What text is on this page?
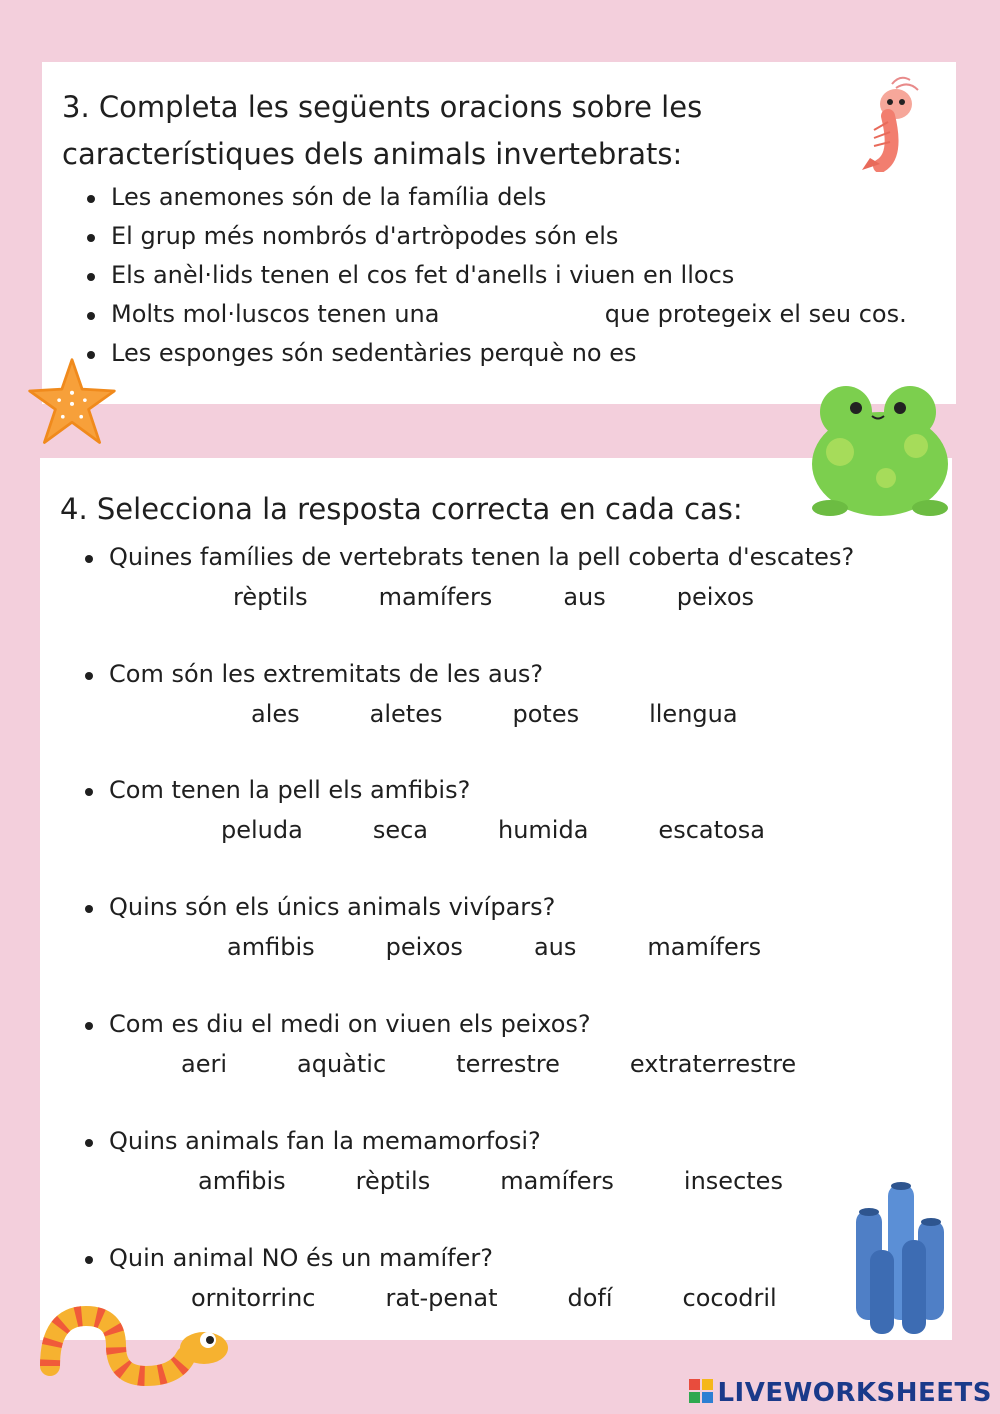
3. Completa les següents oracions sobre les característiques dels animals invertebrats:
Les anemones són de la família dels
El grup més nombrós d'artròpodes són els
Els anèl·lids tenen el cos fet d'anells i viuen en llocs
Molts mol·luscos tenen una	que protegeix el seu cos.
Les esponges són sedentàries perquè no es
4. Selecciona la resposta correcta en cada cas:
Quines famílies de vertebrats tenen la pell coberta d'escates?
rèptils	mamífers	aus	peixos
Com són les extremitats de les aus?
ales	aletes	potes	llengua
Com tenen la pell els amfibis?
peluda	seca	humida	escatosa
Quins són els únics animals vivípars?
amfibis	peixos	aus	mamífers
Com es diu el medi on viuen els peixos?
aeri	aquàtic	terrestre	extraterrestre
Quins animals fan la memamorfosi?
amfibis	rèptils	mamífers	insectes
Quin animal NO és un mamífer?
ornitorrinc	rat-penat	dofí	cocodril
LIVEWORKSHEETS
